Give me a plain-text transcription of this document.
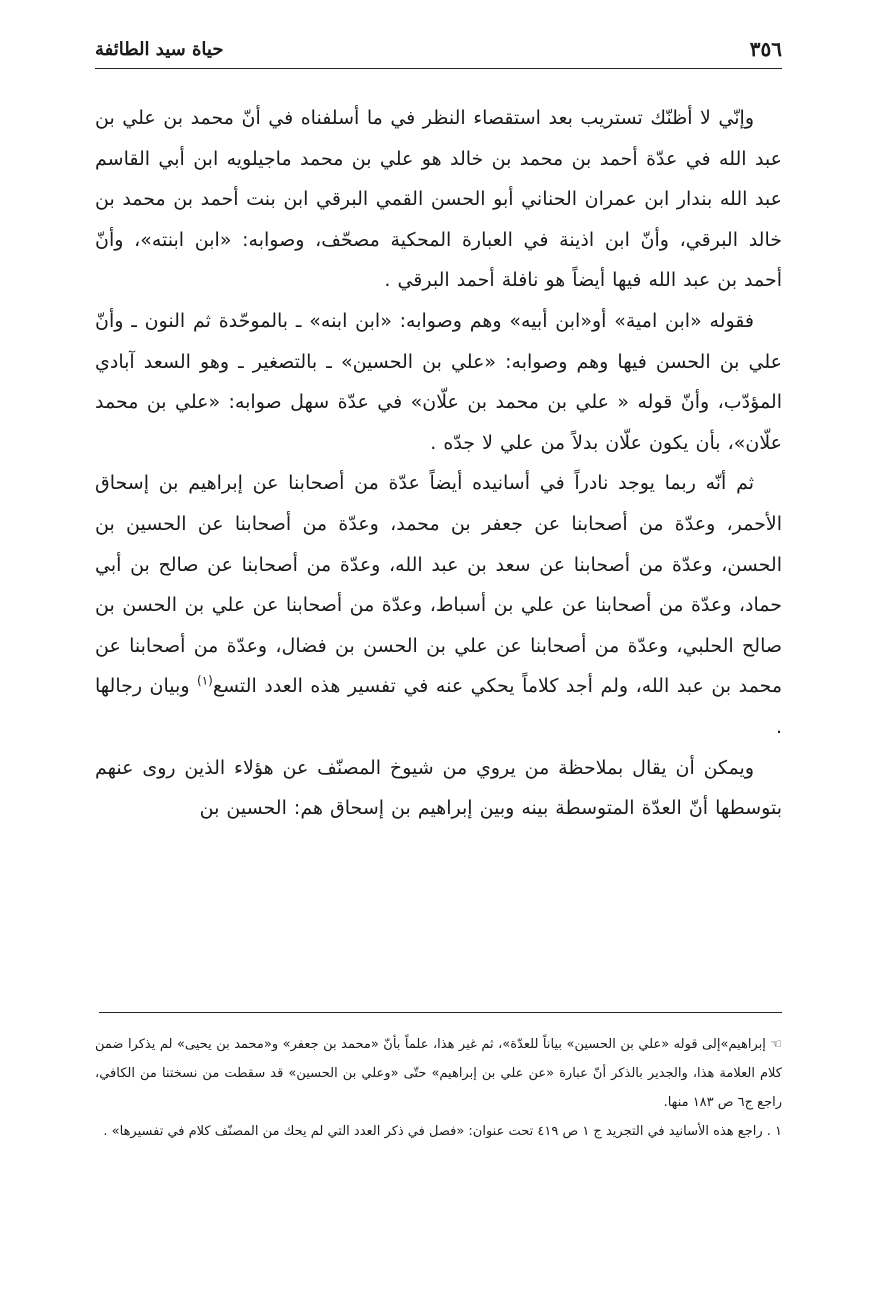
٣٥٦
حياة سيد الطائفة

وإنّي لا أظنّك تستريب بعد استقصاء النظر في ما أسلفناه في أنّ محمد بن علي بن عبد الله في عدّة أحمد بن محمد بن خالد هو علي بن محمد ماجيلويه ابن أبي القاسم عبد الله بندار ابن عمران الحناني أبو الحسن القمي البرقي ابن بنت أحمد بن محمد بن خالد البرقي، وأنّ ابن اذينة في العبارة المحكية مصحّف، وصوابه: «ابن ابنته»، وأنّ أحمد بن عبد الله فيها أيضاً هو نافلة أحمد البرقي .

فقوله «ابن امية» أو«ابن أبيه» وهم وصوابه: «ابن ابنه» ـ بالموحّدة ثم النون ـ وأنّ علي بن الحسن فيها وهم وصوابه: «علي بن الحسين» ـ بالتصغير ـ وهو السعد آبادي المؤدّب، وأنّ قوله « علي بن محمد بن علّان» في عدّة سهل صوابه: «علي بن محمد علّان»، بأن يكون علّان بدلاً من علي لا جدّه .

ثم أنّه ربما يوجد نادراً في أسانيده أيضاً عدّة من أصحابنا عن إبراهيم بن إسحاق الأحمر، وعدّة من أصحابنا عن جعفر بن محمد، وعدّة من أصحابنا عن الحسين بن الحسن، وعدّة من أصحابنا عن سعد بن عبد الله، وعدّة من أصحابنا عن صالح بن أبي حماد، وعدّة من أصحابنا عن علي بن أسباط، وعدّة من أصحابنا عن علي بن الحسن بن صالح الحلبي، وعدّة من أصحابنا عن علي بن الحسن بن فضال، وعدّة من أصحابنا عن محمد بن عبد الله، ولم أجد كلاماً يحكي عنه في تفسير هذه العدد التسع$^{(١)}$ وبيان رجالها .

ويمكن أن يقال بملاحظة من يروي من شيوخ المصنّف عن هؤلاء الذين روى عنهم بتوسطها أنّ العدّة المتوسطة بينه وبين إبراهيم بن إسحاق هم: الحسين بن

☜ إبراهيم»إلى قوله «علي بن الحسين» بياناً للعدّة»، ثم غير هذا، علماً بأنّ «محمد بن جعفر» و«محمد بن يحيى» لم يذكرا ضمن كلام العلامة هذا، والجدير بالذكر أنّ عبارة «عن علي بن إبراهيم» حتّى «وعلي بن الحسين» قد سقطت من نسختنا من الكافي، راجع ج٦ ص ١٨٣ منها.

١ . راجع هذه الأسانيد في التجريد ج ١ ص ٤١٩ تحت عنوان: «فصل في ذكر العدد التي لم يحك من المصنّف كلام في تفسيرها» .
